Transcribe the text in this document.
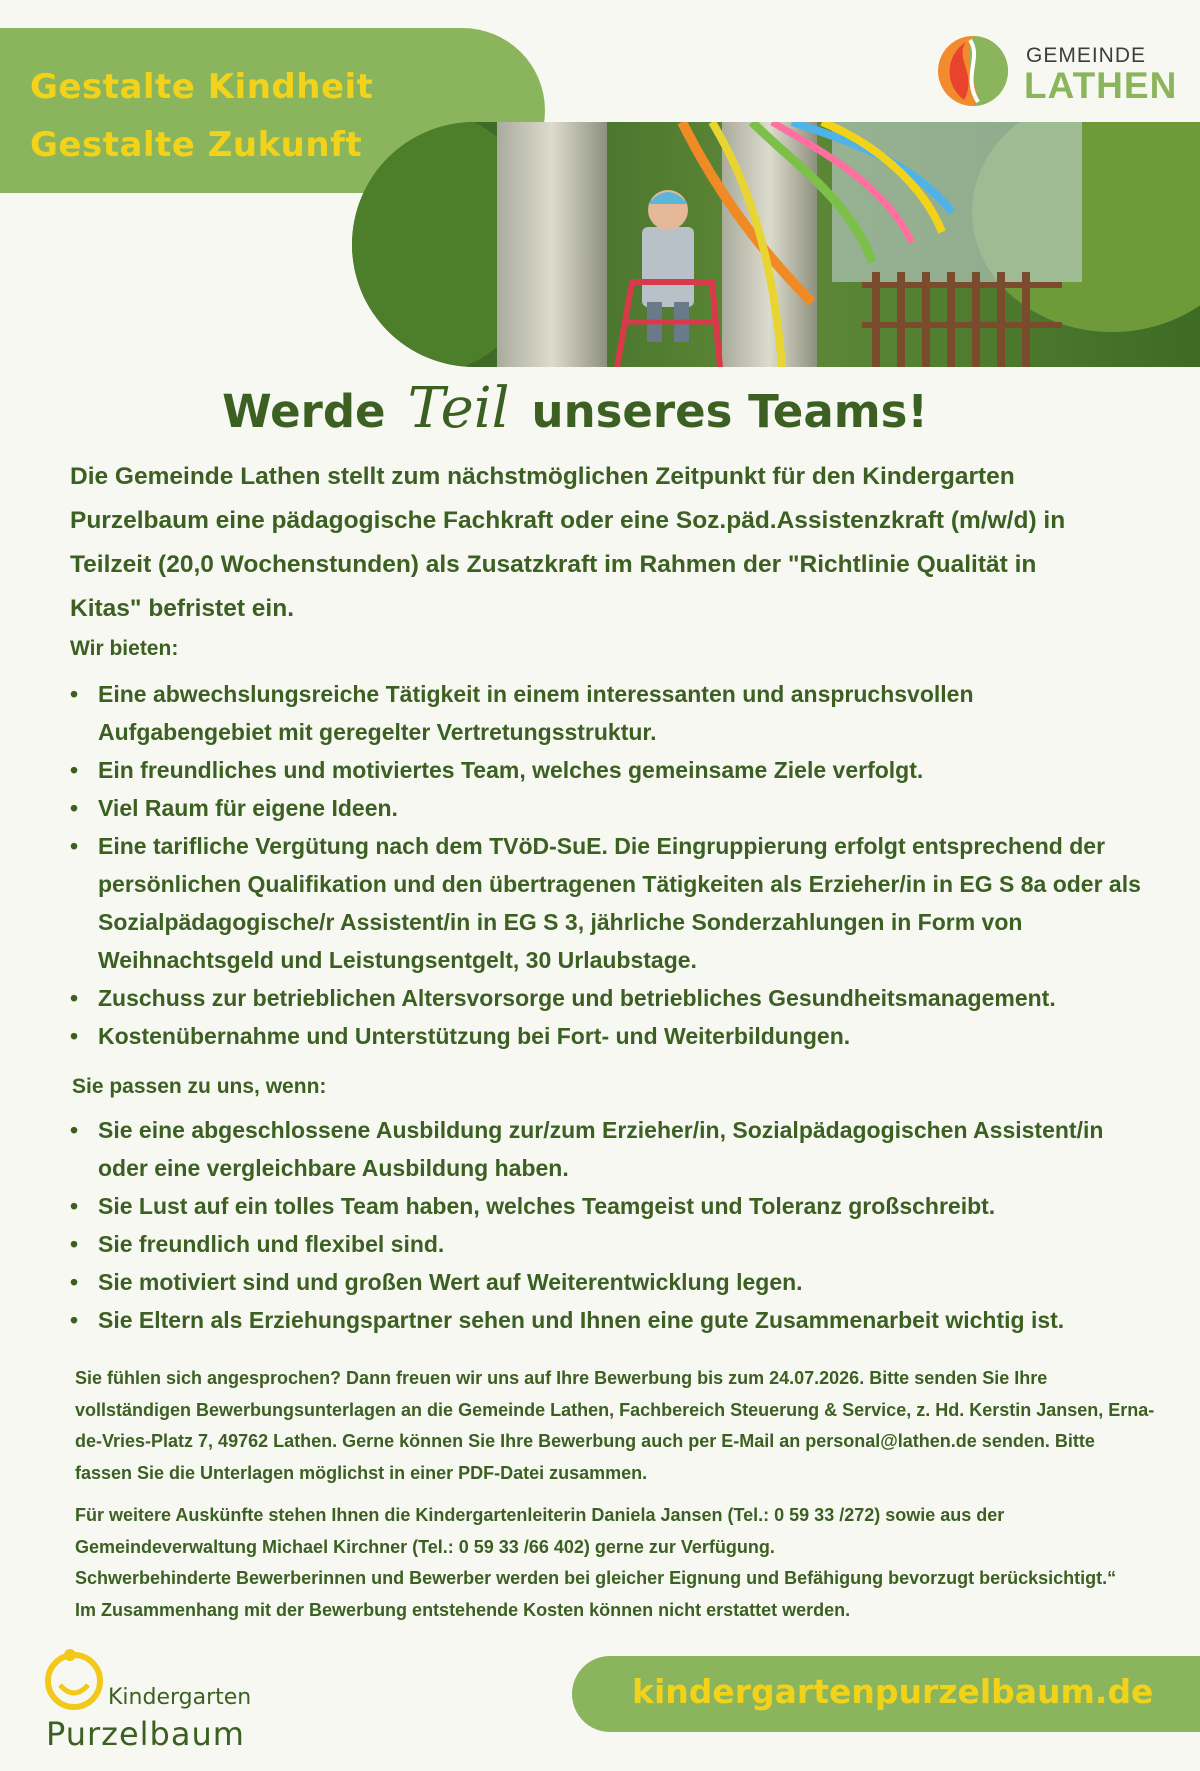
Gestalte Kindheit
Gestalte Zukunft
GEMEINDE
LATHEN
Werde Teil unseres Teams!

Die Gemeinde Lathen stellt zum nächstmöglichen Zeitpunkt für den Kindergarten Purzelbaum eine pädagogische Fachkraft oder eine Soz.päd.Assistenzkraft (m/w/d) in Teilzeit (20,0 Wochenstunden) als Zusatzkraft im Rahmen der "Richtlinie Qualität in Kitas" befristet ein.

Wir bieten:
• Eine abwechslungsreiche Tätigkeit in einem interessanten und anspruchsvollen Aufgabengebiet mit geregelter Vertretungsstruktur.
• Ein freundliches und motiviertes Team, welches gemeinsame Ziele verfolgt.
• Viel Raum für eigene Ideen.
• Eine tarifliche Vergütung nach dem TVöD-SuE. Die Eingruppierung erfolgt entsprechend der persönlichen Qualifikation und den übertragenen Tätigkeiten als Erzieher/in in EG S 8a oder als Sozialpädagogische/r Assistent/in in EG S 3, jährliche Sonderzahlungen in Form von Weihnachtsgeld und Leistungsentgelt, 30 Urlaubstage.
• Zuschuss zur betrieblichen Altersvorsorge und betriebliches Gesundheitsmanagement.
• Kostenübernahme und Unterstützung bei Fort- und Weiterbildungen.
Sie passen zu uns, wenn:
• Sie eine abgeschlossene Ausbildung zur/zum Erzieher/in, Sozialpädagogischen Assistent/in oder eine vergleichbare Ausbildung haben.
• Sie Lust auf ein tolles Team haben, welches Teamgeist und Toleranz großschreibt.
• Sie freundlich und flexibel sind.
• Sie motiviert sind und großen Wert auf Weiterentwicklung legen.
• Sie Eltern als Erziehungspartner sehen und Ihnen eine gute Zusammenarbeit wichtig ist.

Sie fühlen sich angesprochen? Dann freuen wir uns auf Ihre Bewerbung bis zum 24.07.2026. Bitte senden Sie Ihre vollständigen Bewerbungsunterlagen an die Gemeinde Lathen, Fachbereich Steuerung & Service, z. Hd. Kerstin Jansen, Erna-de-Vries-Platz 7, 49762 Lathen. Gerne können Sie Ihre Bewerbung auch per E-Mail an personal@lathen.de senden. Bitte fassen Sie die Unterlagen möglichst in einer PDF-Datei zusammen.

Für weitere Auskünfte stehen Ihnen die Kindergartenleiterin Daniela Jansen (Tel.: 0 59 33 /272) sowie aus der Gemeindeverwaltung Michael Kirchner (Tel.: 0 59 33 /66 402) gerne zur Verfügung.

Schwerbehinderte Bewerberinnen und Bewerber werden bei gleicher Eignung und Befähigung bevorzugt berücksichtigt.“

Im Zusammenhang mit der Bewerbung entstehende Kosten können nicht erstattet werden.

Kindergarten
Purzelbaum
kindergartenpurzelbaum.de
